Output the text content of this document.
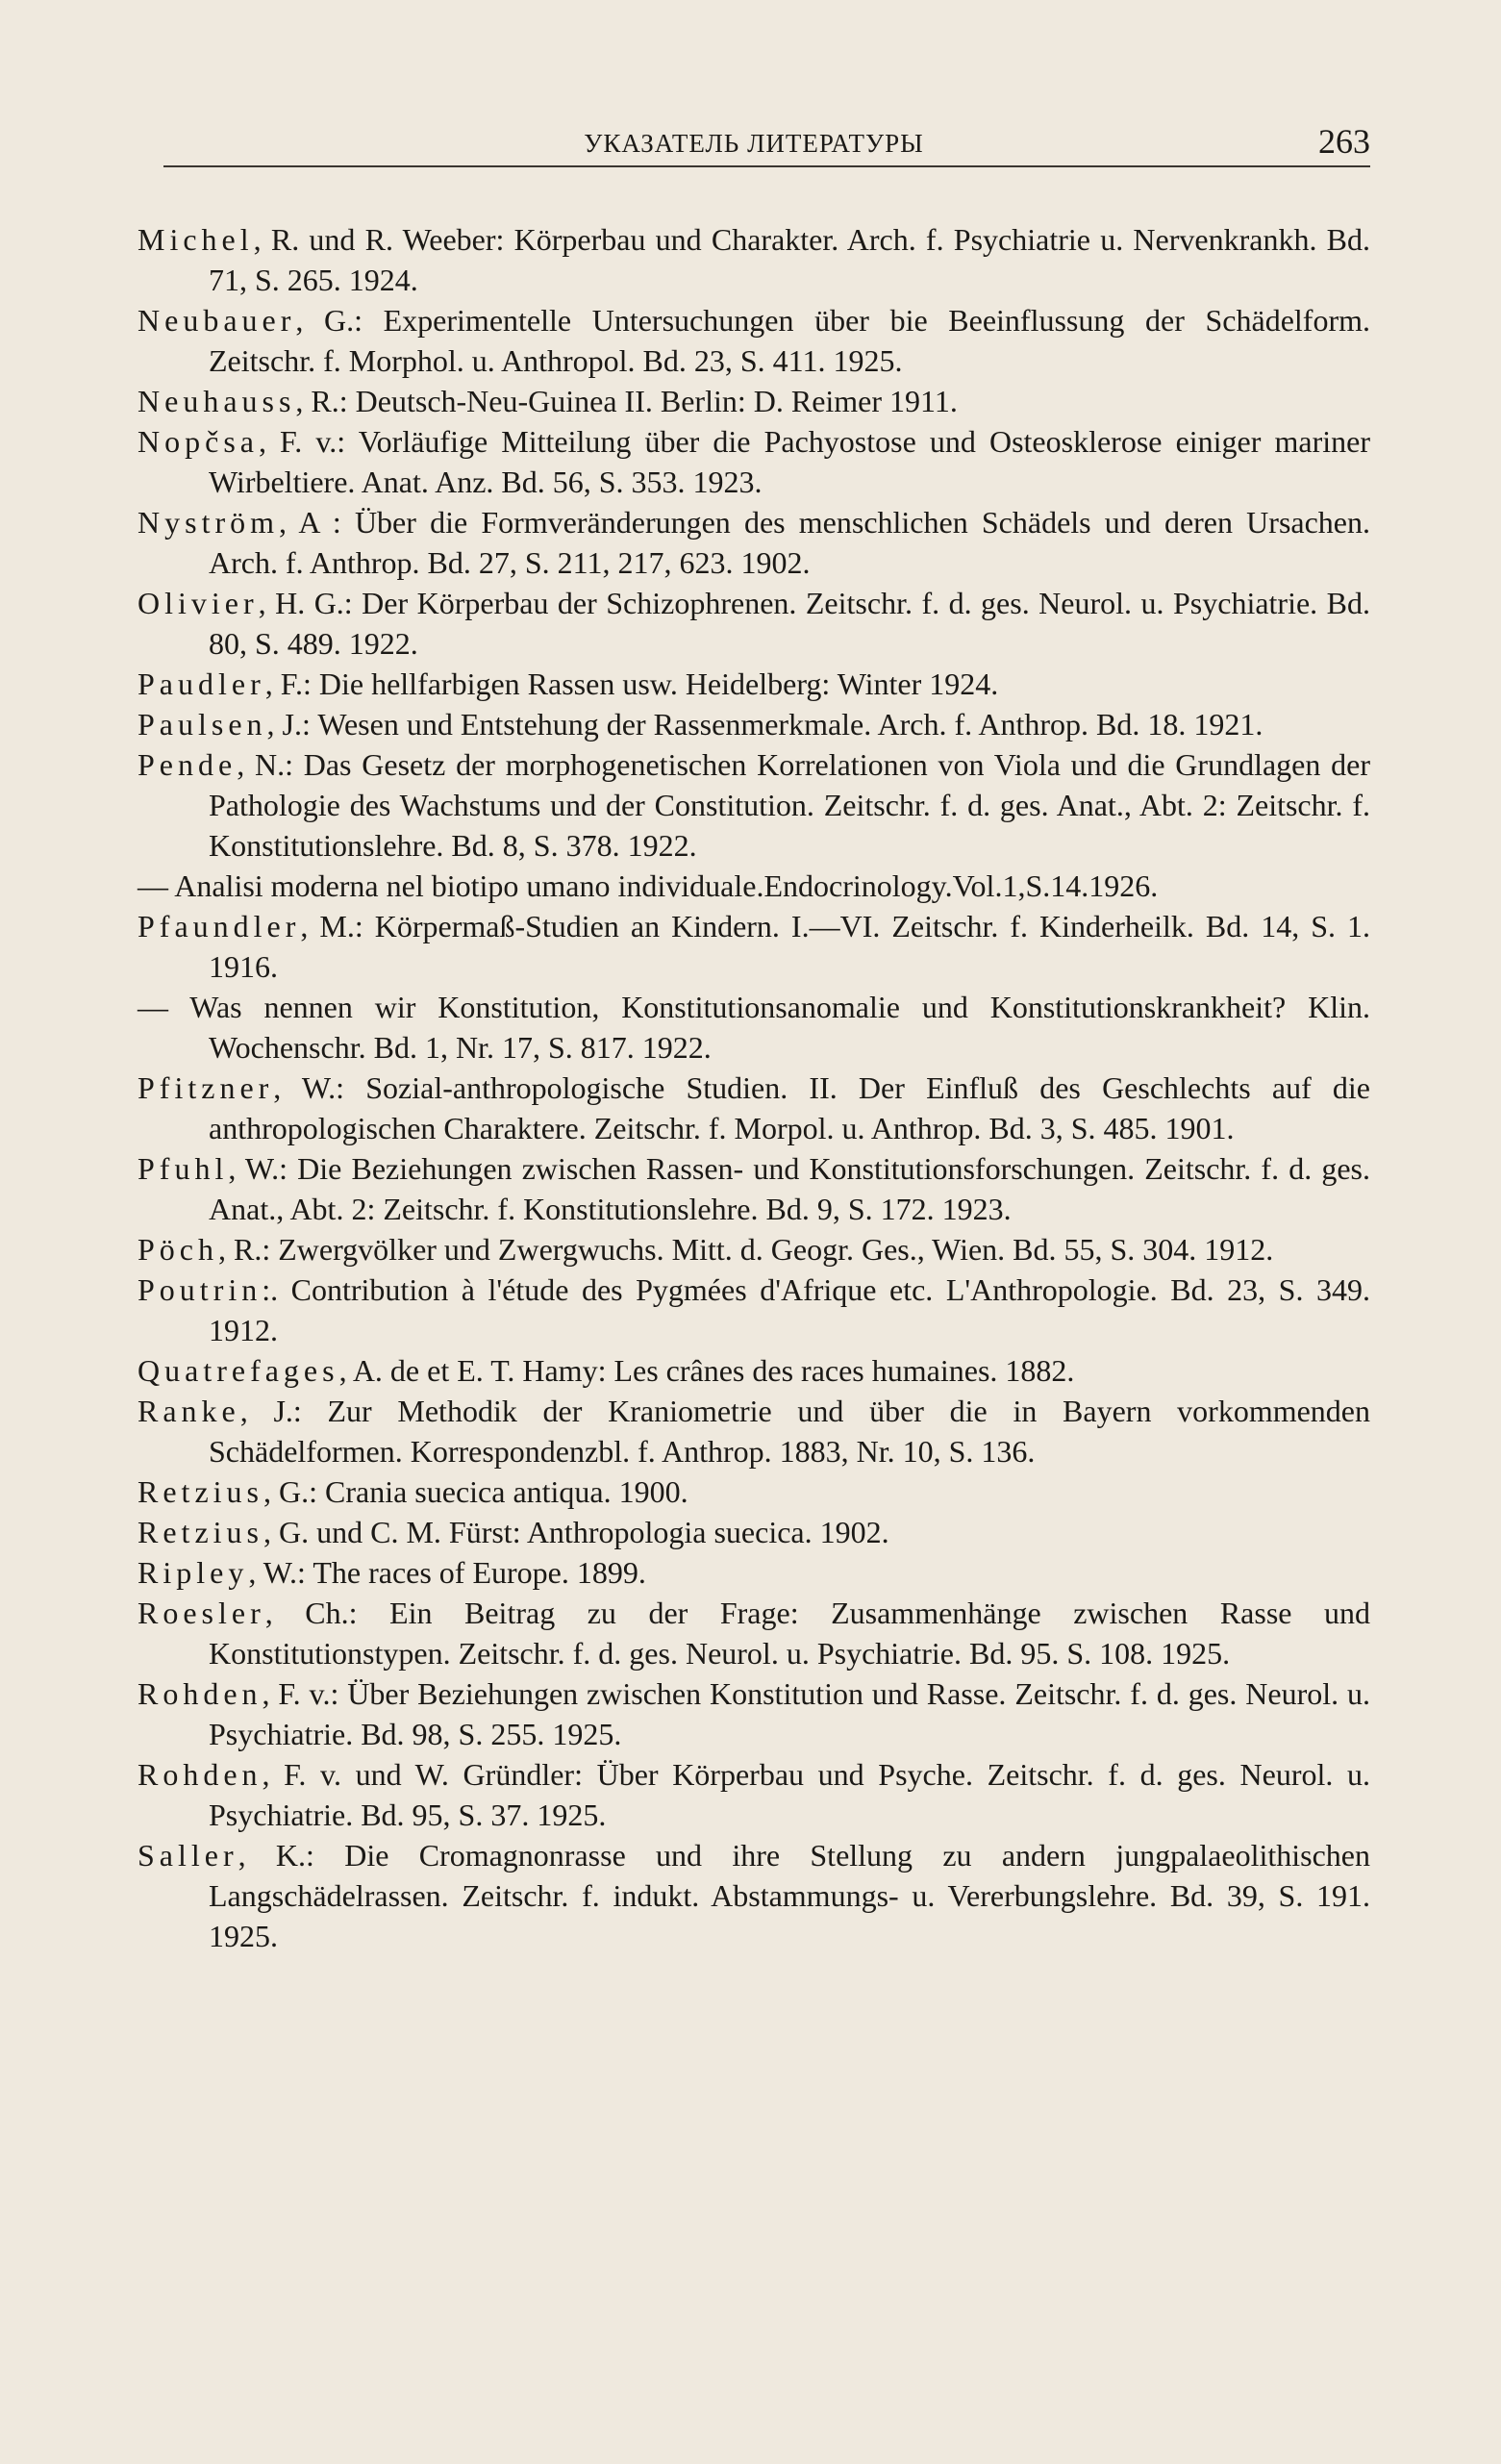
УКАЗАТЕЛЬ ЛИТЕРАТУРЫ	263

Michel, R. und R. Weeber: Körperbau und Charakter. Arch. f. Psychiatrie u. Nervenkrankh. Bd. 71, S. 265. 1924.

Neubauer, G.: Experimentelle Untersuchungen über bie Beeinflussung der Schädelform. Zeitschr. f. Morphol. u. Anthropol. Bd. 23, S. 411. 1925.

Neuhauss, R.: Deutsch-Neu-Guinea II. Berlin: D. Reimer 1911.

Nopčsa, F. v.: Vorläufige Mitteilung über die Pachyostose und Osteosklerose einiger mariner Wirbeltiere. Anat. Anz. Bd. 56, S. 353. 1923.

Nyström, A : Über die Formveränderungen des menschlichen Schädels und deren Ursachen. Arch. f. Anthrop. Bd. 27, S. 211, 217, 623. 1902.

Olivier, H. G.: Der Körperbau der Schizophrenen. Zeitschr. f. d. ges. Neurol. u. Psychiatrie. Bd. 80, S. 489. 1922.

Paudler, F.: Die hellfarbigen Rassen usw. Heidelberg: Winter 1924.

Paulsen, J.: Wesen und Entstehung der Rassenmerkmale. Arch. f. Anthrop. Bd. 18. 1921.

Pende, N.: Das Gesetz der morphogenetischen Korrelationen von Viola und die Grundlagen der Pathologie des Wachstums und der Constitution. Zeitschr. f. d. ges. Anat., Abt. 2: Zeitschr. f. Konstitutionslehre. Bd. 8, S. 378. 1922.

— Analisi moderna nel biotipo umano individuale.Endocrinology.Vol.1,S.14.1926.

Pfaundler, M.: Körpermaß-Studien an Kindern. I.—VI. Zeitschr. f. Kinderheilk. Bd. 14, S. 1. 1916.

— Was nennen wir Konstitution, Konstitutionsanomalie und Konstitutionskrankheit? Klin. Wochenschr. Bd. 1, Nr. 17, S. 817. 1922.

Pfitzner, W.: Sozial-anthropologische Studien. II. Der Einfluß des Geschlechts auf die anthropologischen Charaktere. Zeitschr. f. Morpol. u. Anthrop. Bd. 3, S. 485. 1901.

Pfuhl, W.: Die Beziehungen zwischen Rassen- und Konstitutionsforschungen. Zeitschr. f. d. ges. Anat., Abt. 2: Zeitschr. f. Konstitutionslehre. Bd. 9, S. 172. 1923.

Pöch, R.: Zwergvölker und Zwergwuchs. Mitt. d. Geogr. Ges., Wien. Bd. 55, S. 304. 1912.

Poutrin:. Contribution à l'étude des Pygmées d'Afrique etc. L'Anthropologie. Bd. 23, S. 349. 1912.

Quatrefages, A. de et E. T. Hamy: Les crânes des races humaines. 1882.

Ranke, J.: Zur Methodik der Kraniometrie und über die in Bayern vorkommenden Schädelformen. Korrespondenzbl. f. Anthrop. 1883, Nr. 10, S. 136.

Retzius, G.: Crania suecica antiqua. 1900.

Retzius, G. und C. M. Fürst: Anthropologia suecica. 1902.

Ripley, W.: The races of Europe. 1899.

Roesler, Ch.: Ein Beitrag zu der Frage: Zusammenhänge zwischen Rasse und Konstitutionstypen. Zeitschr. f. d. ges. Neurol. u. Psychiatrie. Bd. 95. S. 108. 1925.

Rohden, F. v.: Über Beziehungen zwischen Konstitution und Rasse. Zeitschr. f. d. ges. Neurol. u. Psychiatrie. Bd. 98, S. 255. 1925.

Rohden, F. v. und W. Gründler: Über Körperbau und Psyche. Zeitschr. f. d. ges. Neurol. u. Psychiatrie. Bd. 95, S. 37. 1925.

Saller, K.: Die Cromagnonrasse und ihre Stellung zu andern jungpalaeolithischen Langschädelrassen. Zeitschr. f. indukt. Abstammungs- u. Vererbungslehre. Bd. 39, S. 191. 1925.
